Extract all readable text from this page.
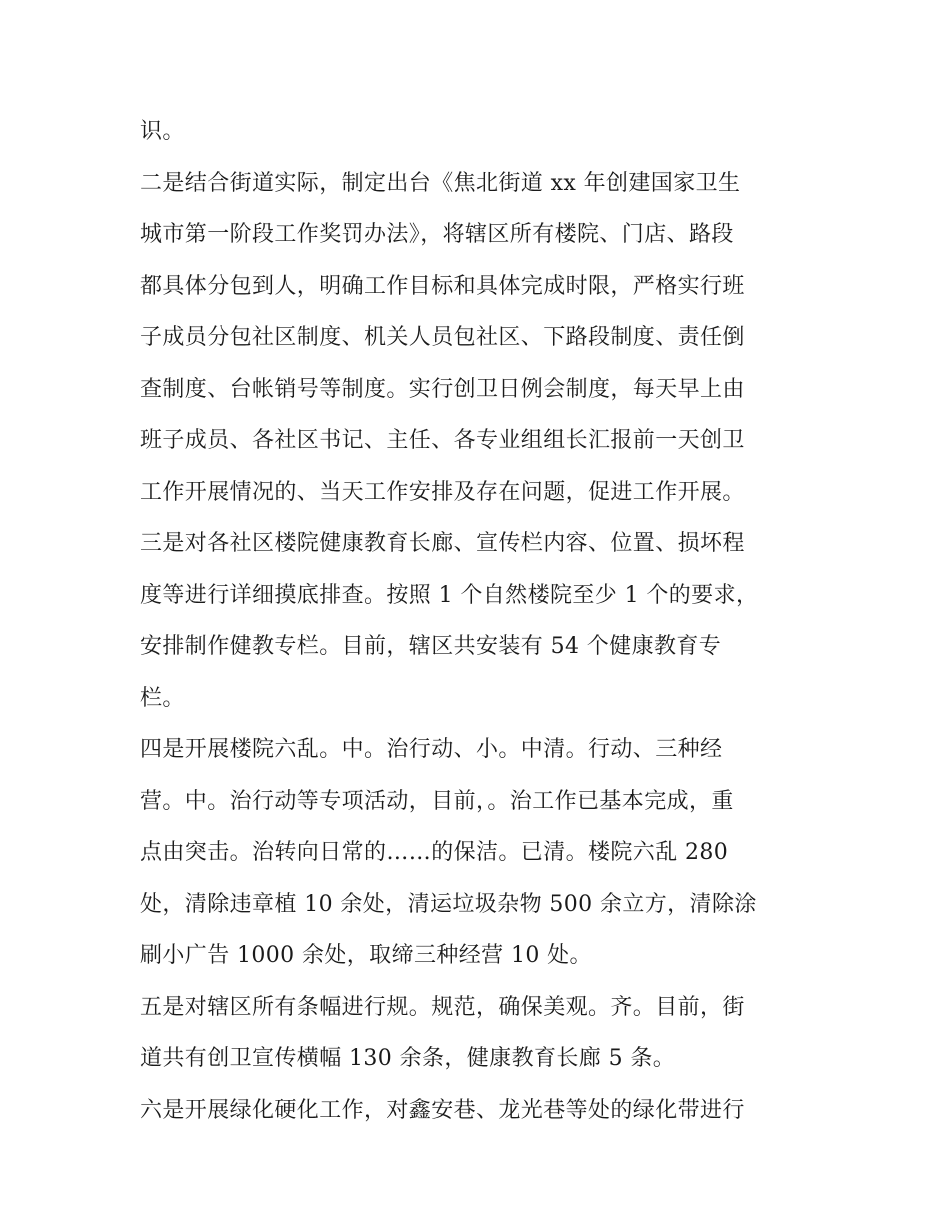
识。
二是结合街道实际，制定出台《焦北街道 xx 年创建国家卫生
城市第一阶段工作奖罚办法》，将辖区所有楼院、门店、路段
都具体分包到人，明确工作目标和具体完成时限，严格实行班
子成员分包社区制度、机关人员包社区、下路段制度、责任倒
查制度、台帐销号等制度。实行创卫日例会制度，每天早上由
班子成员、各社区书记、主任、各专业组组长汇报前一天创卫
工作开展情况的、当天工作安排及存在问题，促进工作开展。
三是对各社区楼院健康教育长廊、宣传栏内容、位置、损坏程
度等进行详细摸底排查。按照 1 个自然楼院至少 1 个的要求，
安排制作健教专栏。目前，辖区共安装有 54 个健康教育专
栏。
四是开展楼院六乱。中。治行动、小。中清。行动、三种经
营。中。治行动等专项活动，目前，。治工作已基本完成，重
点由突击。治转向日常的……的保洁。已清。楼院六乱 280
处，清除违章植 10 余处，清运垃圾杂物 500 余立方，清除涂
刷小广告 1000 余处，取缔三种经营 10 处。
五是对辖区所有条幅进行规。规范，确保美观。齐。目前，街
道共有创卫宣传横幅 130 余条，健康教育长廊 5 条。
六是开展绿化硬化工作，对鑫安巷、龙光巷等处的绿化带进行
